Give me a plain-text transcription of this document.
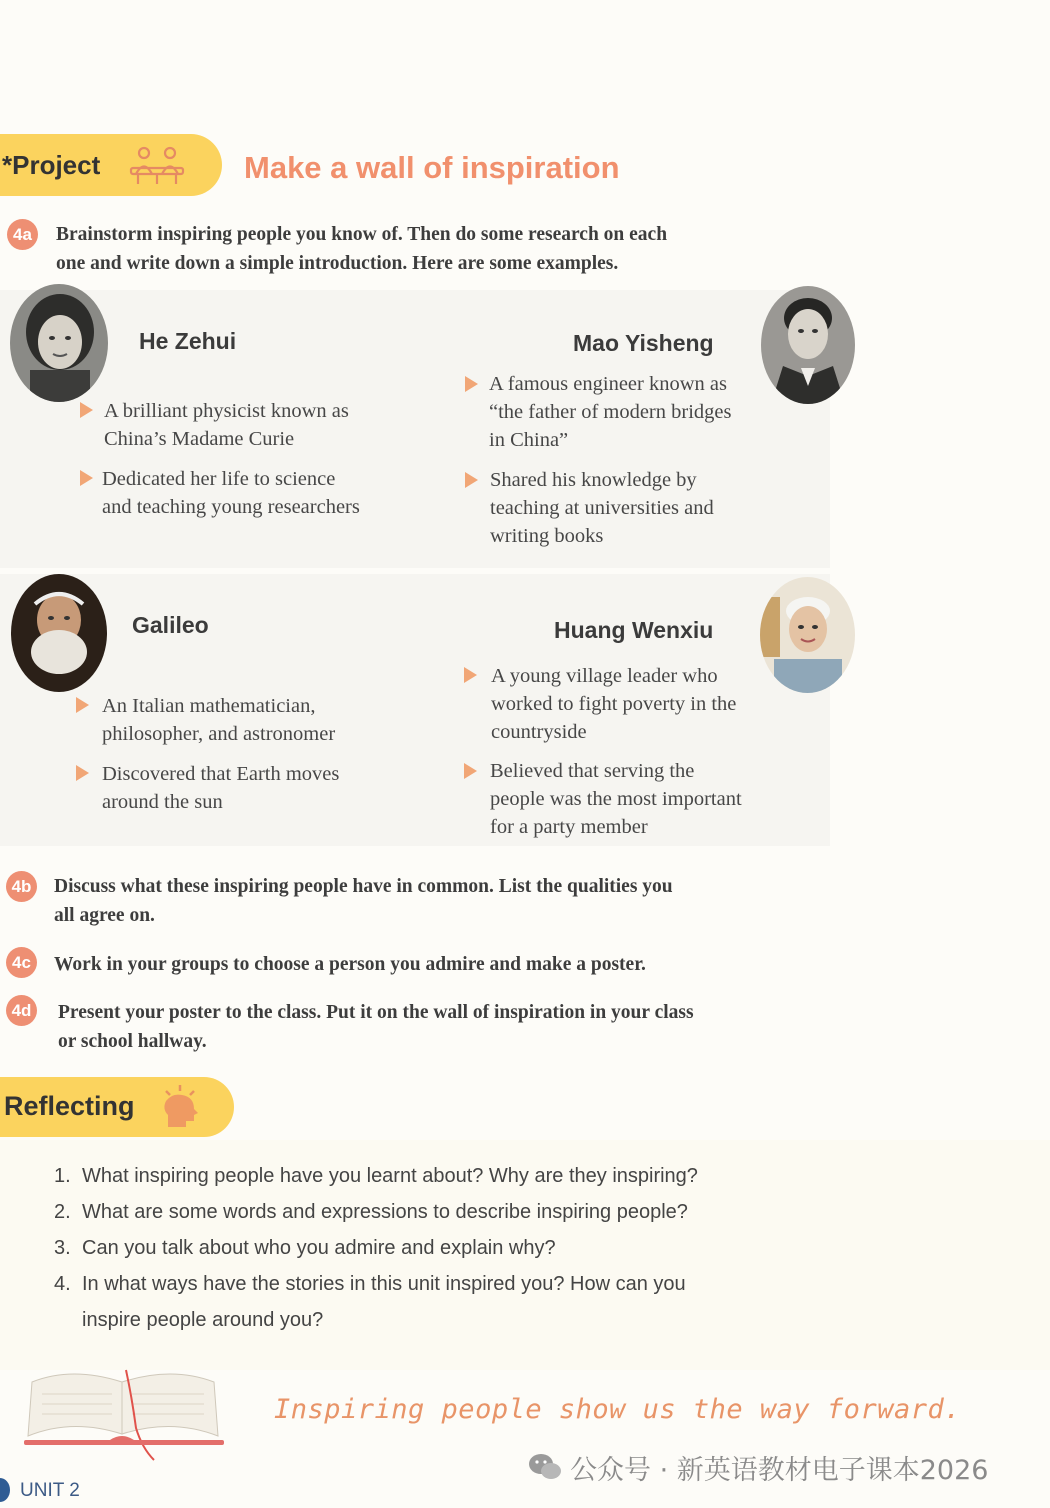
*Project	Make a wall of inspiration
4a	Brainstorm inspiring people you know of. Then do some research on each
one and write down a simple introduction. Here are some examples.
He Zehui
A brilliant physicist known as
China’s Madame Curie
Dedicated her life to science
and teaching young researchers
Mao Yisheng
A famous engineer known as
“the father of modern bridges
in China”
Shared his knowledge by
teaching at universities and
writing books
Galileo
An Italian mathematician,
philosopher, and astronomer
Discovered that Earth moves
around the sun
Huang Wenxiu
A young village leader who
worked to fight poverty in the
countryside
Believed that serving the
people was the most important
for a party member
4b Discuss what these inspiring people have in common. List the qualities you
all agree on.
4c	Work in your groups to choose a person you admire and make a poster.
4d Present your poster to the class. Put it on the wall of inspiration in your class
or school hallway.
Reflecting
1. What inspiring people have you learnt about? Why are they inspiring?
2. What are some words and expressions to describe inspiring people?
3. Can you talk about who you admire and explain why?
4. In what ways have the stories in this unit inspired you? How can you
inspire people around you?
Inspiring people show us the way forward.
公众号 · 新英语教材电子课本2026
UNIT 2
